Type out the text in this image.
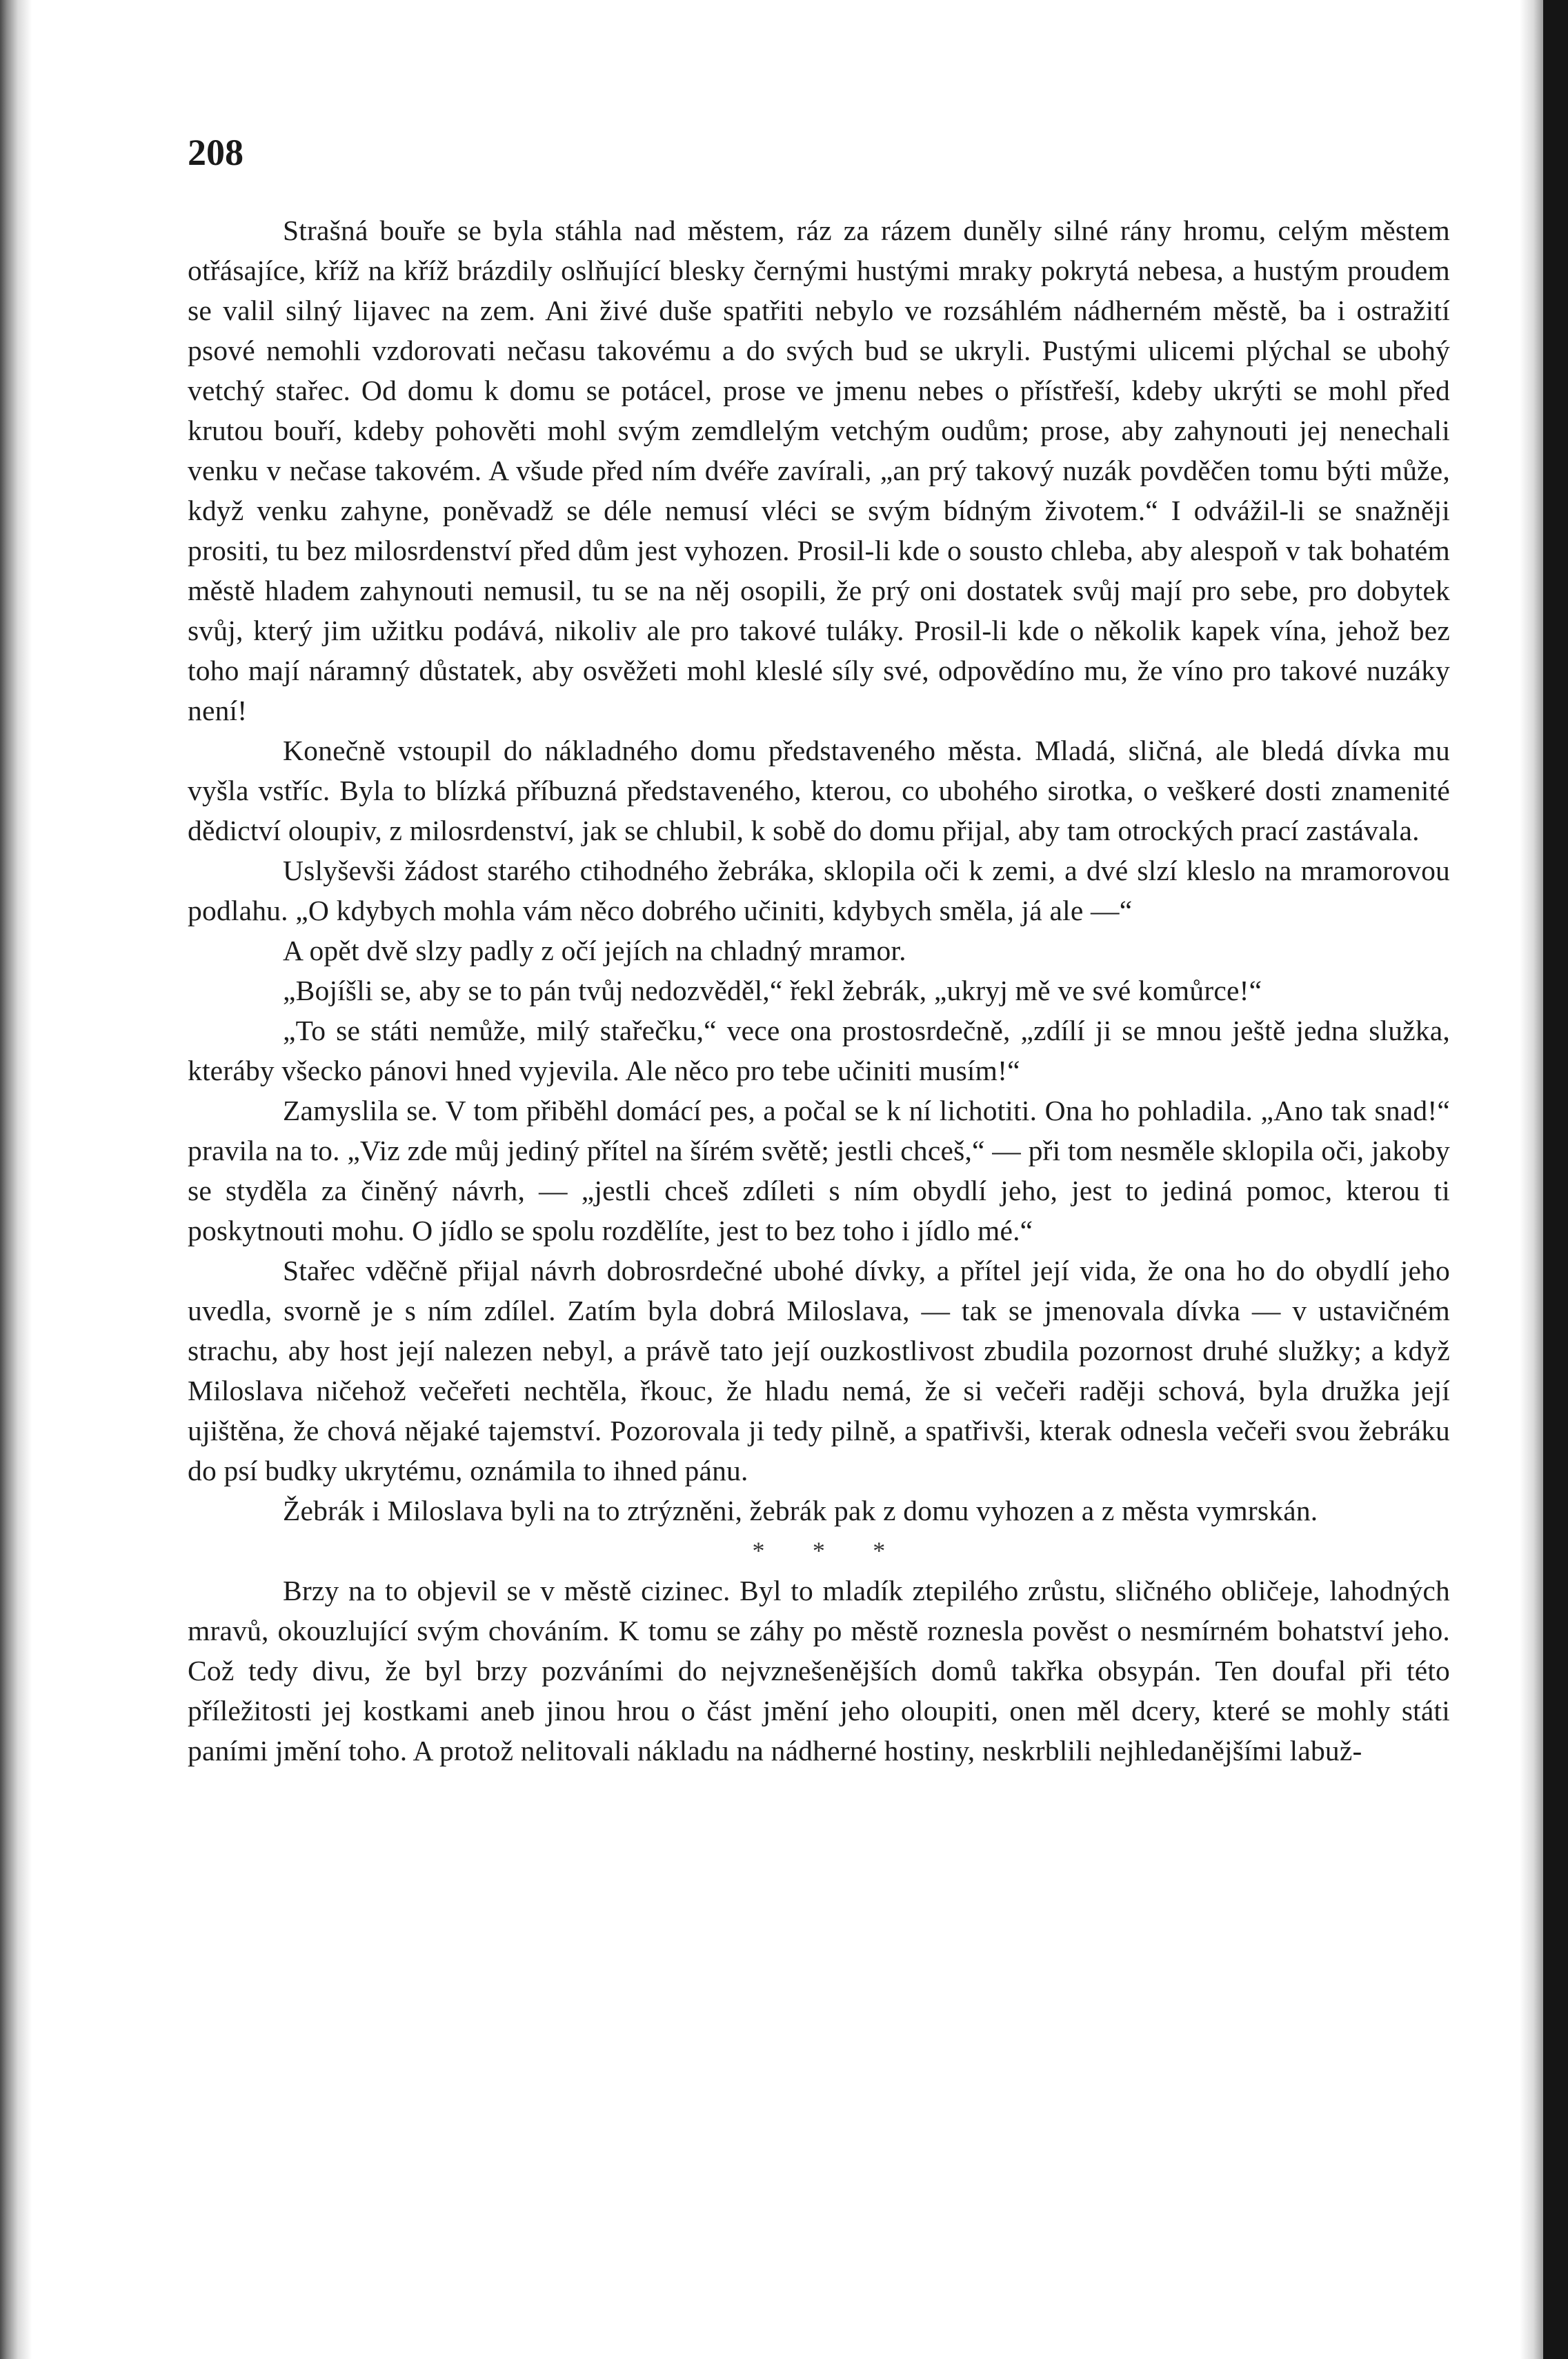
208

Strašná bouře se byla stáhla nad městem, ráz za rázem duněly silné rány hromu, celým městem otřásajíce, kříž na kříž brázdily oslňující blesky černými hustými mraky pokrytá nebesa, a hustým proudem se valil silný lijavec na zem. Ani živé duše spatřiti nebylo ve rozsáhlém nádherném městě, ba i ostražití psové nemohli vzdorovati nečasu takovému a do svých bud se ukryli. Pustými ulicemi plýchal se ubohý vetchý stařec. Od domu k domu se potácel, prose ve jmenu nebes o přístřeší, kdeby ukrýti se mohl před krutou bouří, kdeby pohověti mohl svým zemdlelým vetchým oudům; prose, aby zahynouti jej nenechali venku v nečase takovém. A všude před ním dvéře zavírali, „an prý takový nuzák povděčen tomu býti může, když venku zahyne, poněvadž se déle nemusí vléci se svým bídným životem.“ I odvážil-li se snažněji prositi, tu bez milosrdenství před dům jest vyhozen. Prosil-li kde o sousto chleba, aby alespoň v tak bohatém městě hladem zahynouti nemusil, tu se na něj osopili, že prý oni dostatek svůj mají pro sebe, pro dobytek svůj, který jim užitku podává, nikoliv ale pro takové tuláky. Prosil-li kde o několik kapek vína, jehož bez toho mají náramný důstatek, aby osvěžeti mohl kleslé síly své, odpovědíno mu, že víno pro takové nuzáky není!

Konečně vstoupil do nákladného domu představeného města. Mladá, sličná, ale bledá dívka mu vyšla vstříc. Byla to blízká příbuzná představeného, kterou, co ubohého sirotka, o veškeré dosti znamenité dědictví oloupiv, z milosrdenství, jak se chlubil, k sobě do domu přijal, aby tam otrockých prací zastávala.

Uslyševši žádost starého ctihodného žebráka, sklopila oči k zemi, a dvé slzí kleslo na mramorovou podlahu. „O kdybych mohla vám něco dobrého učiniti, kdybych směla, já ale —“

A opět dvě slzy padly z očí jejích na chladný mramor.

„Bojíšli se, aby se to pán tvůj nedozvěděl,“ řekl žebrák, „ukryj mě ve své komůrce!“

„To se státi nemůže, milý stařečku,“ vece ona prostosrdečně, „zdílí ji se mnou ještě jedna služka, kteráby všecko pánovi hned vyjevila. Ale něco pro tebe učiniti musím!“

Zamyslila se. V tom přiběhl domácí pes, a počal se k ní lichotiti. Ona ho pohladila. „Ano tak snad!“ pravila na to. „Viz zde můj jediný přítel na šírém světě; jestli chceš,“ — při tom nesměle sklopila oči, jakoby se styděla za činěný návrh, — „jestli chceš zdíleti s ním obydlí jeho, jest to jediná pomoc, kterou ti poskytnouti mohu. O jídlo se spolu rozdělíte, jest to bez toho i jídlo mé.“

Stařec vděčně přijal návrh dobrosrdečné ubohé dívky, a přítel její vida, že ona ho do obydlí jeho uvedla, svorně je s ním zdílel. Zatím byla dobrá Miloslava, — tak se jmenovala dívka — v ustavičném strachu, aby host její nalezen nebyl, a právě tato její ouzkostlivost zbudila pozornost druhé služky; a když Miloslava ničehož večeřeti nechtěla, řkouc, že hladu nemá, že si večeři raději schová, byla družka její ujištěna, že chová nějaké tajemství. Pozorovala ji tedy pilně, a spatřivši, kterak odnesla večeři svou žebráku do psí budky ukrytému, oznámila to ihned pánu.

Žebrák i Miloslava byli na to ztrýzněni, žebrák pak z domu vyhozen a z města vymrskán.

* * *

Brzy na to objevil se v městě cizinec. Byl to mladík ztepilého zrůstu, sličného obličeje, lahodných mravů, okouzlující svým chováním. K tomu se záhy po městě roznesla pověst o nesmírném bohatství jeho. Což tedy divu, že byl brzy pozváními do nejvznešenějších domů takřka obsypán. Ten doufal při této příležitosti jej kostkami aneb jinou hrou o část jmění jeho oloupiti, onen měl dcery, které se mohly státi paními jmění toho. A protož nelitovali nákladu na nádherné hostiny, neskrblili nejhledanějšími labuž-
